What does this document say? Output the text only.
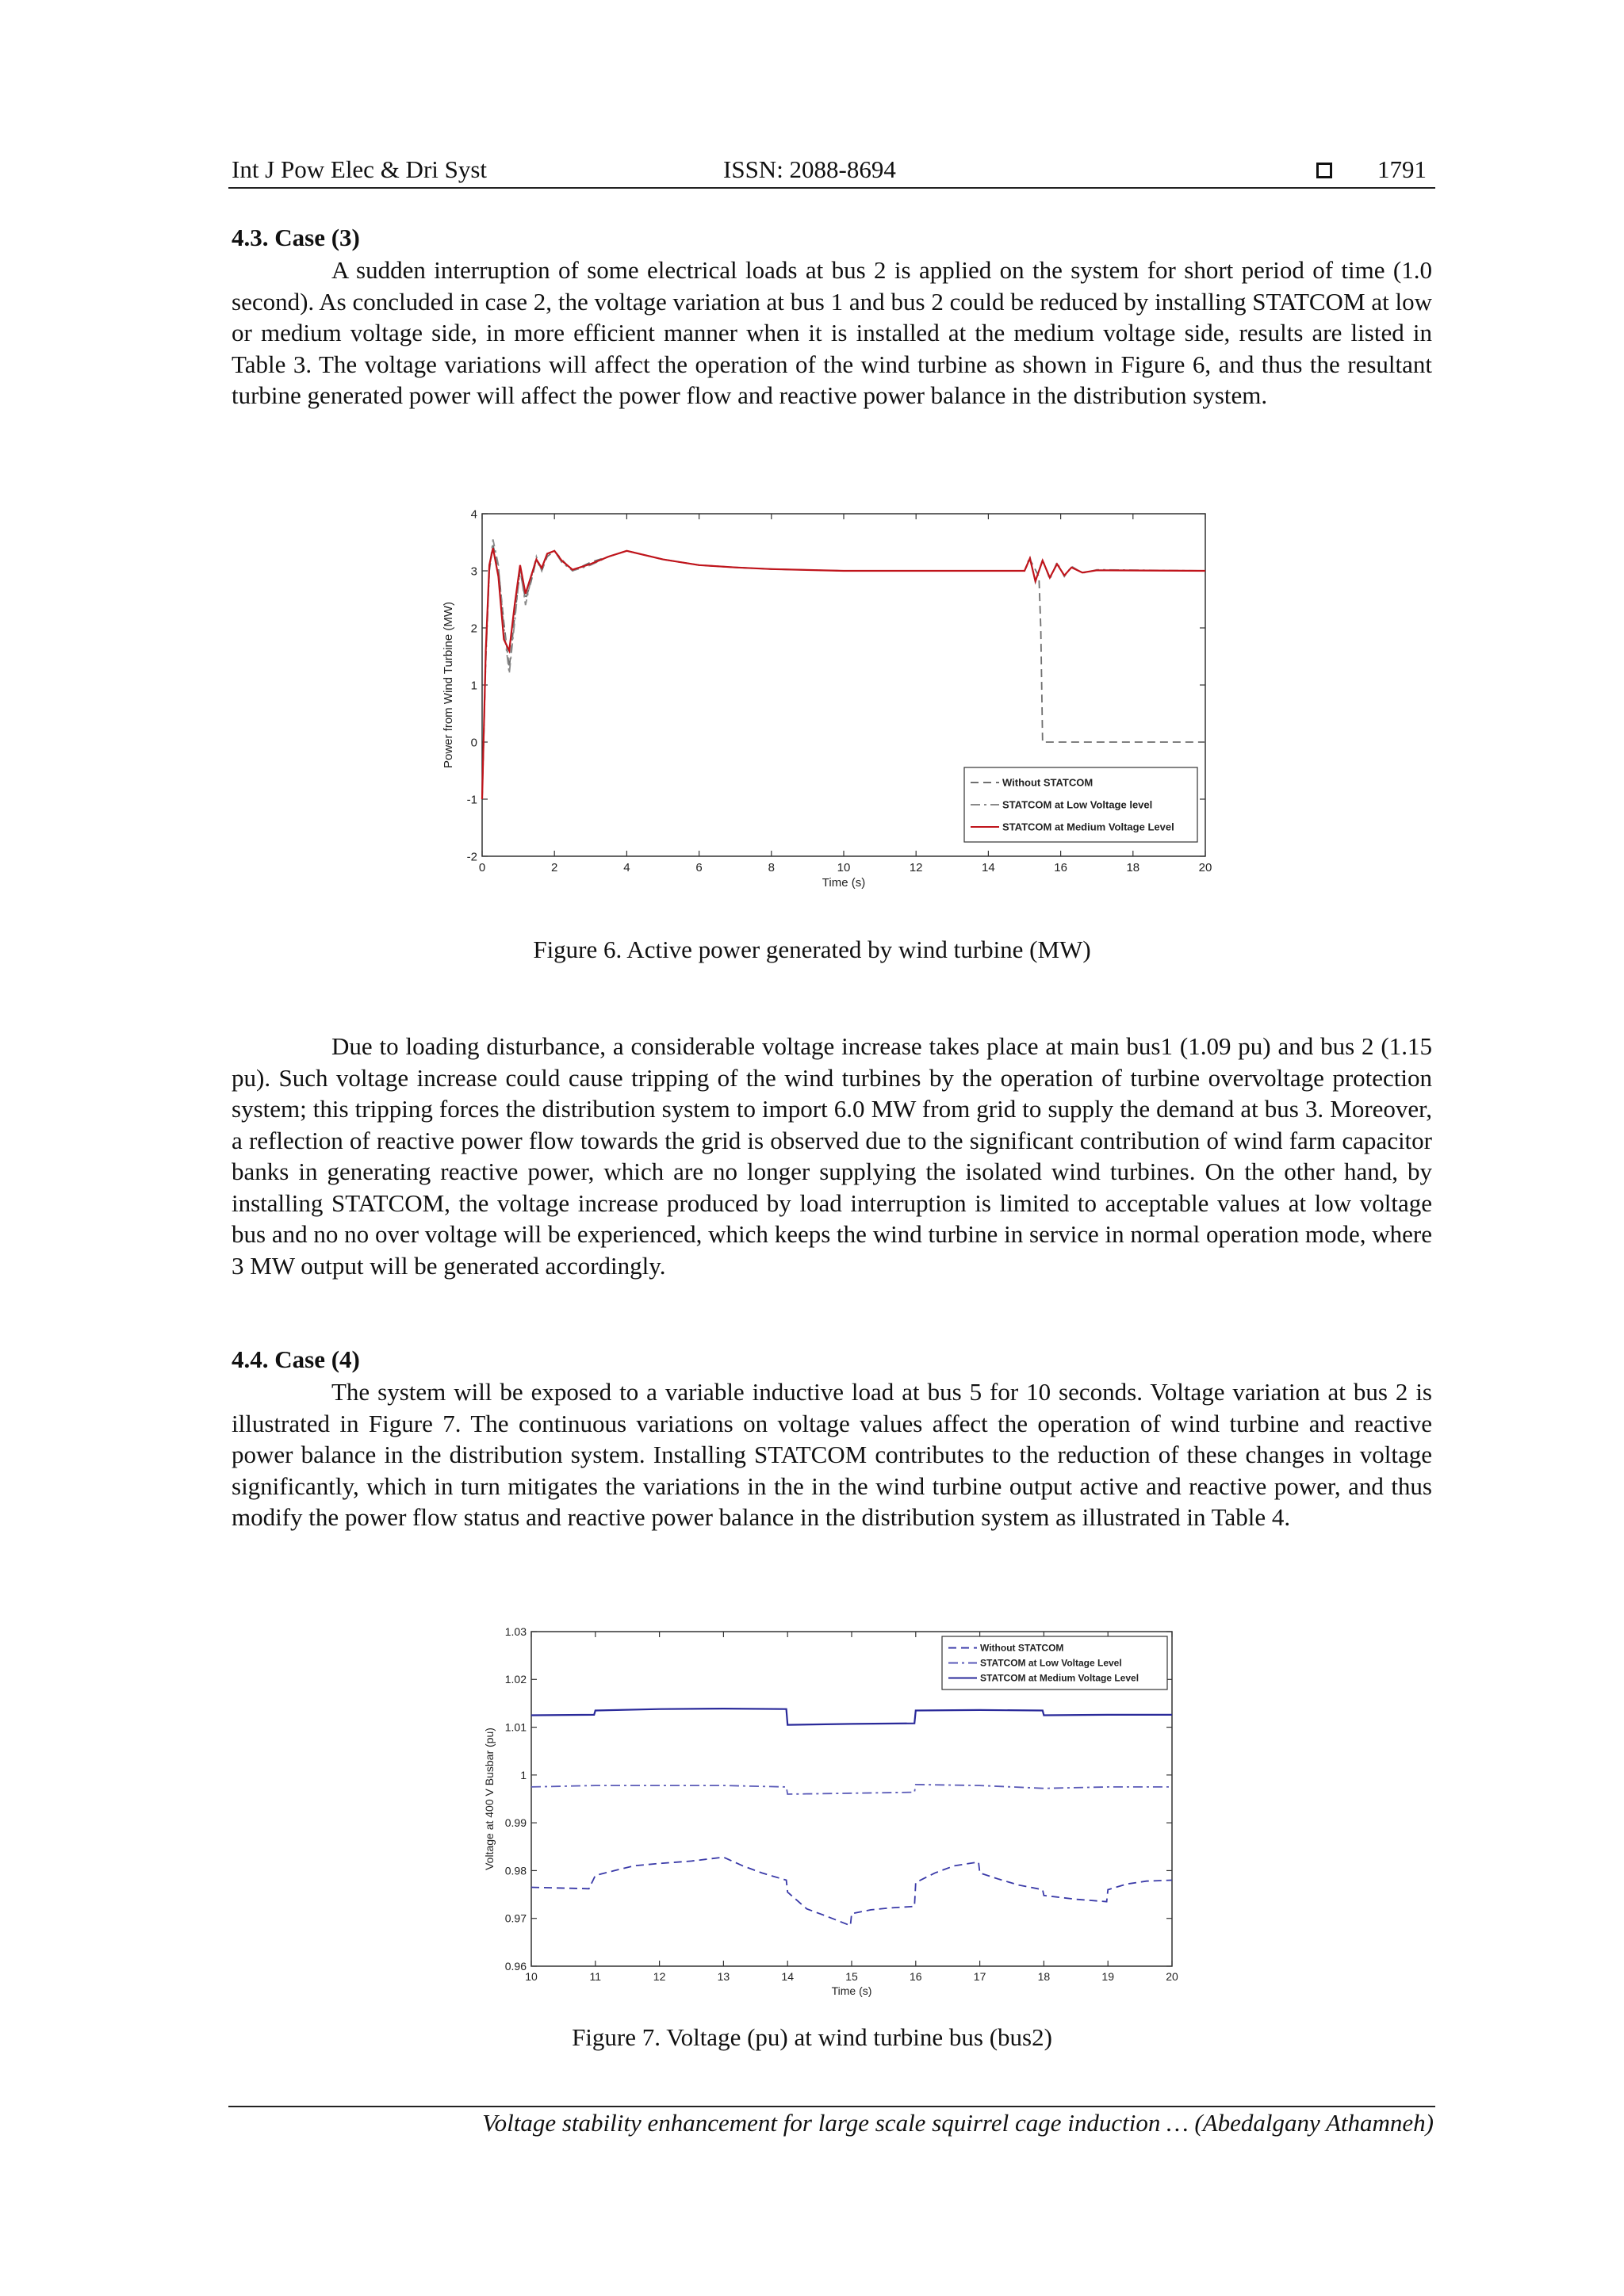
Int J Pow Elec & Dri Syst	ISSN: 2088-8694	1791
4.3. Case (3)
A sudden interruption of some electrical loads at bus 2 is applied on the system for short period of time (1.0 second). As concluded in case 2, the voltage variation at bus 1 and bus 2 could be reduced by installing STATCOM at low or medium voltage side, in more efficient manner when it is installed at the medium voltage side, results are listed in Table 3. The voltage variations will affect the operation of the wind turbine as shown in Figure 6, and thus the resultant turbine generated power will affect the power flow and reactive power balance in the distribution system.
0	2	4	6	8	10	12	14	16	18	20
-2
-1
0
1
2
3
4
Time (s)
Power from Wind Turbine (MW)
Without STATCOM
STATCOM at Low Voltage level
STATCOM at Medium Voltage Level
Figure 6. Active power generated by wind turbine (MW)
Due to loading disturbance, a considerable voltage increase takes place at main bus1 (1.09 pu) and bus 2 (1.15 pu). Such voltage increase could cause tripping of the wind turbines by the operation of turbine overvoltage protection system; this tripping forces the distribution system to import 6.0 MW from grid to supply the demand at bus 3. Moreover, a reflection of reactive power flow towards the grid is observed due to the significant contribution of wind farm capacitor banks in generating reactive power, which are no longer supplying the isolated wind turbines. On the other hand, by installing STATCOM, the voltage increase produced by load interruption is limited to acceptable values at low voltage bus and no no over voltage will be experienced, which keeps the wind turbine in service in normal operation mode, where 3 MW output will be generated accordingly.
4.4. Case (4)
The system will be exposed to a variable inductive load at bus 5 for 10 seconds. Voltage variation at bus 2 is illustrated in Figure 7. The continuous variations on voltage values affect the operation of wind turbine and reactive power balance in the distribution system. Installing STATCOM contributes to the reduction of these changes in voltage significantly, which in turn mitigates the variations in the in the wind turbine output active and reactive power, and thus modify the power flow status and reactive power balance in the distribution system as illustrated in Table 4.
10	11	12	13	14	15	16	17	18	19	20
0.96
0.97
0.98
0.99
1
1.01
1.02
1.03
Time (s)
Voltage at 400 V Busbar (pu)
Without STATCOM
STATCOM at Low Voltage Level
STATCOM at Medium Voltage Level
Figure 7. Voltage (pu) at wind turbine bus (bus2)
Voltage stability enhancement for large scale squirrel cage induction … (Abedalgany Athamneh)
